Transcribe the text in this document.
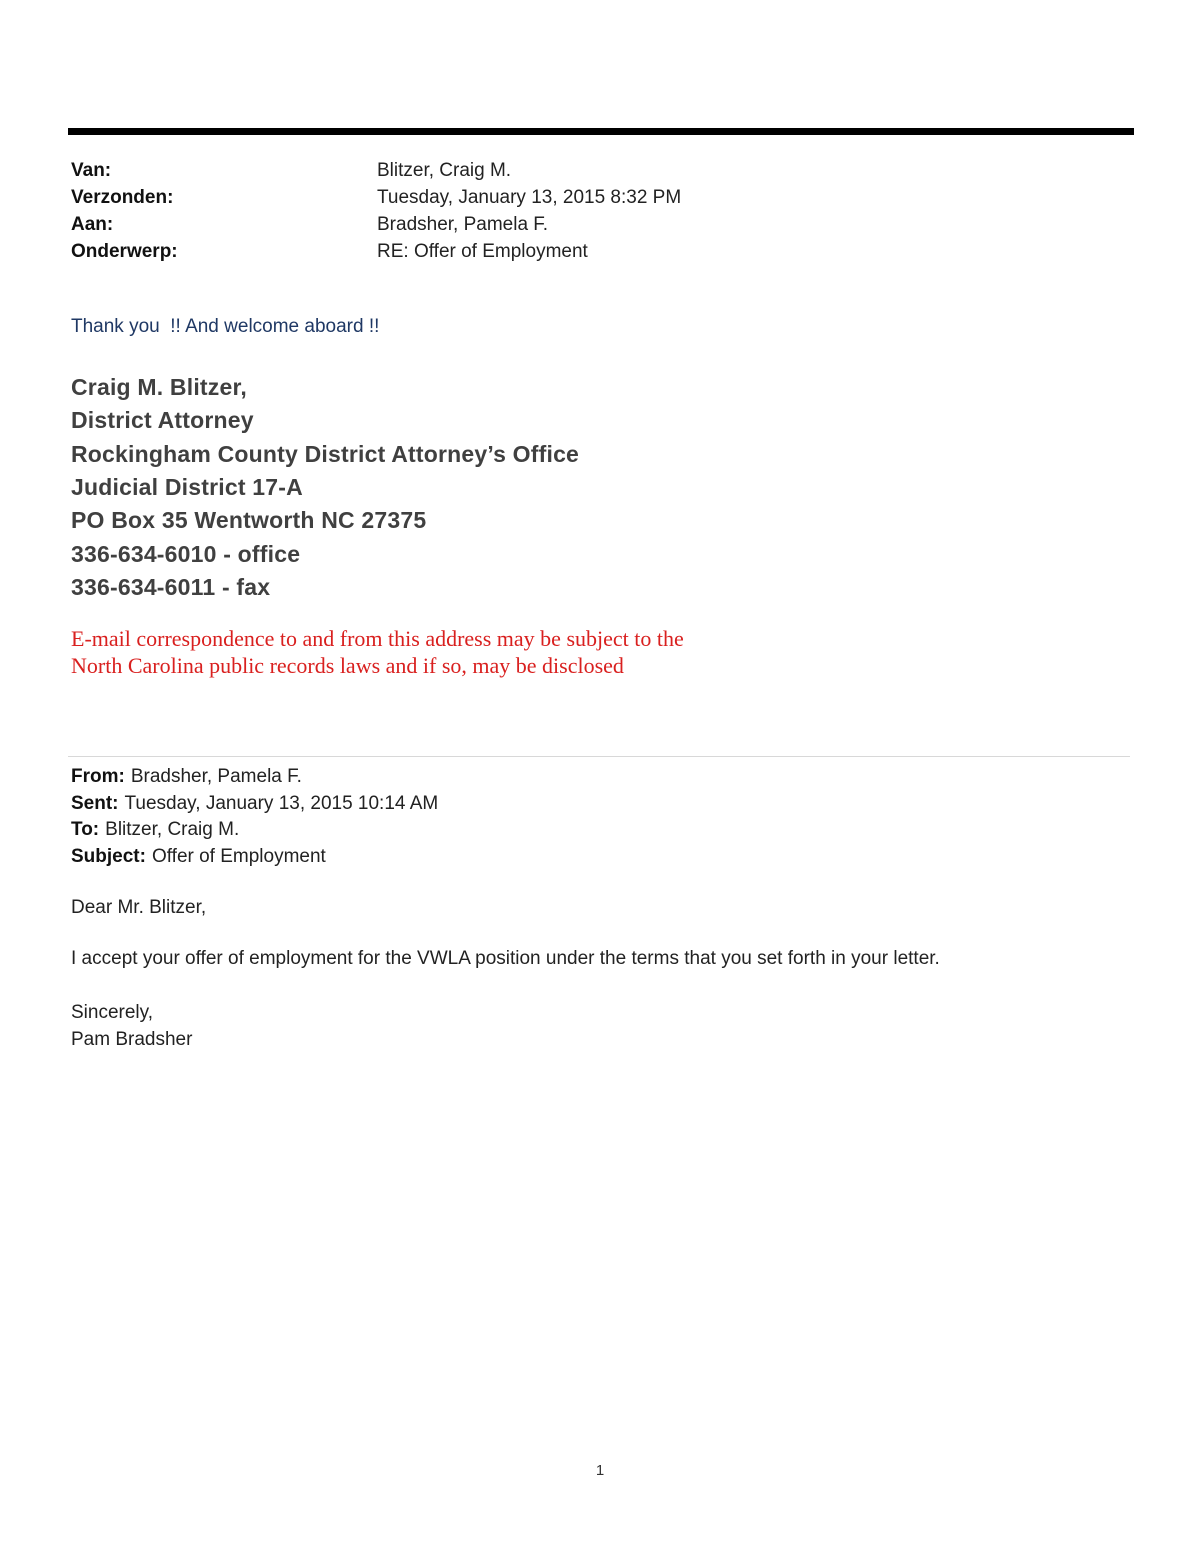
Van:	Blitzer, Craig M.
Verzonden:	Tuesday, January 13, 2015 8:32 PM
Aan:	Bradsher, Pamela F.
Onderwerp:	RE: Offer of Employment
Thank you  !! And welcome aboard !!
Craig M. Blitzer,
District Attorney
Rockingham County District Attorney’s Office
Judicial District 17-A
PO Box 35 Wentworth NC 27375
336-634-6010 - office
336-634-6011 - fax
E-mail correspondence to and from this address may be subject to the
North Carolina public records laws and if so, may be disclosed
From: Bradsher, Pamela F.
Sent: Tuesday, January 13, 2015 10:14 AM
To: Blitzer, Craig M.
Subject: Offer of Employment
Dear Mr. Blitzer,
I accept your offer of employment for the VWLA position under the terms that you set forth in your letter.
Sincerely,
Pam Bradsher
1
